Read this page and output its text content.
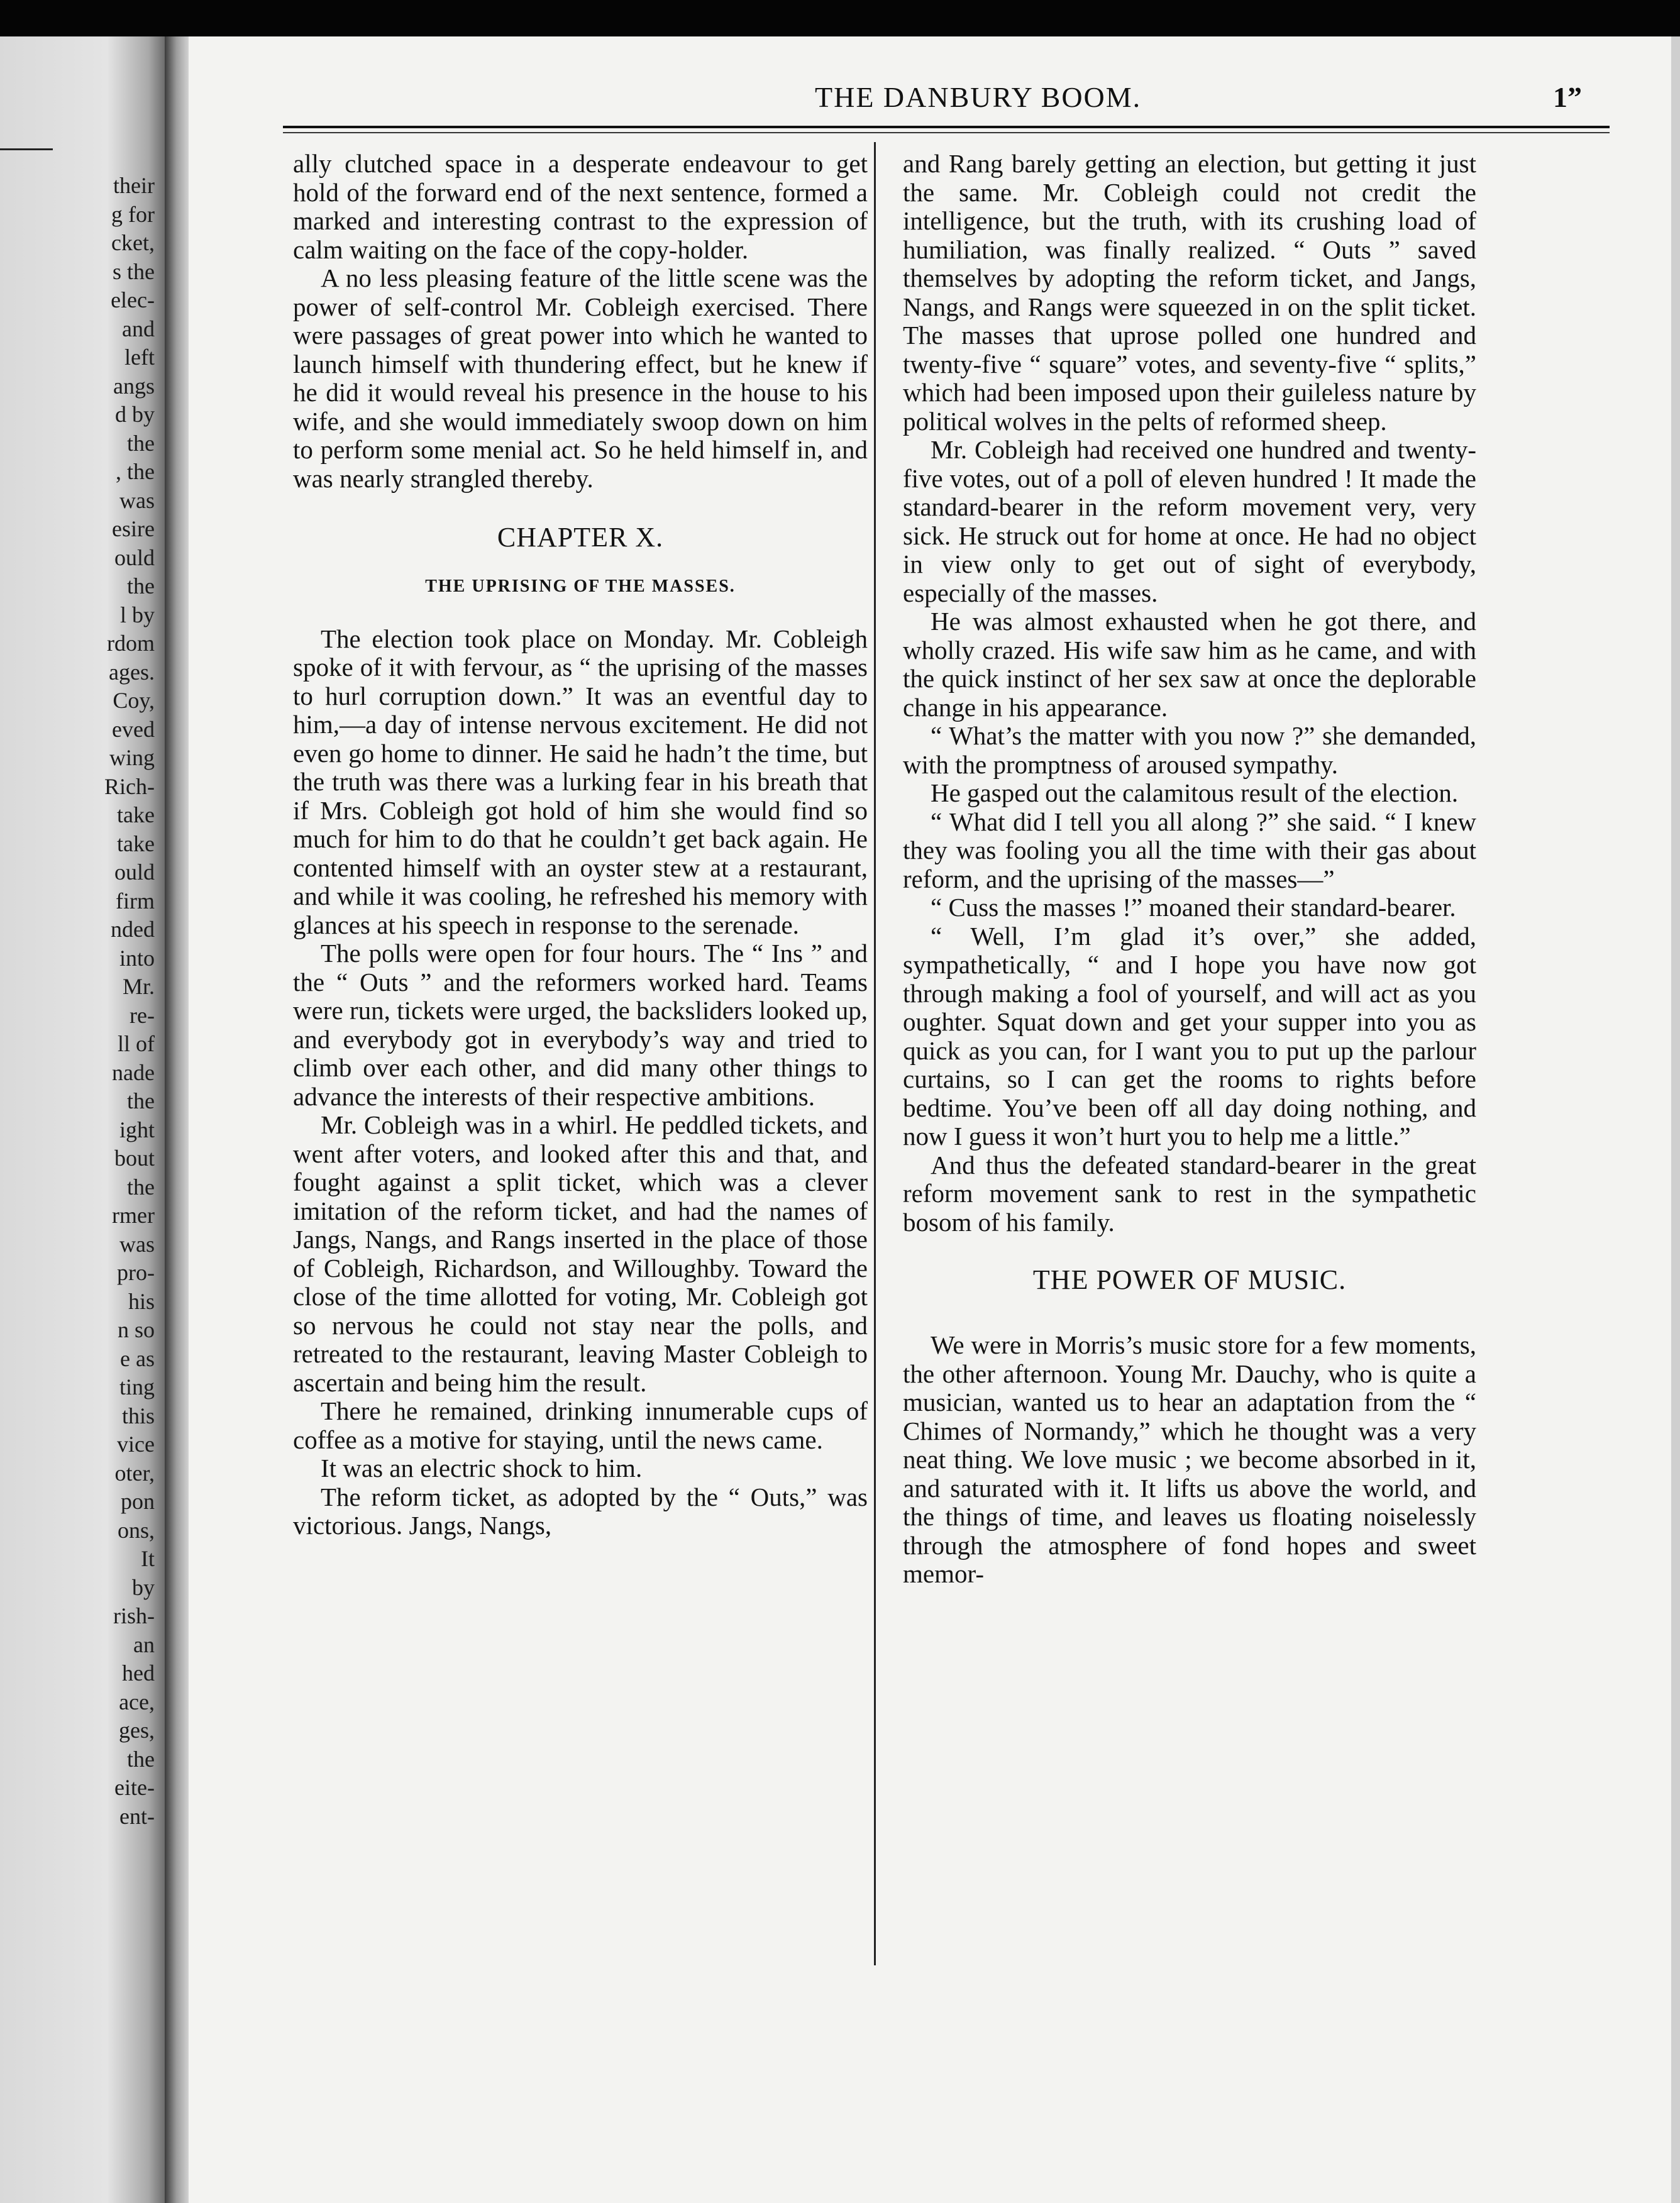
their
g for
cket,
s the
elec-
and
left
angs
d by
the
, the
was
esire
ould
the
l by
rdom
ages.
Coy,
eved
wing
Rich-
take
take
ould
firm
nded
into
Mr.
re-
ll of
nade
the
ight
bout
the
rmer
was
pro-
his
n so
e as
ting
this
vice
oter,
pon
ons,
It
by
rish-
an
hed
ace,
ges,
the
eite-
ent-
THE DANBURY BOOM.	1ˮ

ally clutched space in a desperate endeavour to get hold of the forward end of the next sentence, formed a marked and interesting contrast to the expression of calm waiting on the face of the copy-holder.

A no less pleasing feature of the little scene was the power of self-control Mr. Cobleigh exercised. There were passages of great power into which he wanted to launch himself with thundering effect, but he knew if he did it would reveal his presence in the house to his wife, and she would immediately swoop down on him to perform some menial act. So he held himself in, and was nearly strangled thereby.

CHAPTER X.
THE UPRISING OF THE MASSES.

The election took place on Monday. Mr. Cobleigh spoke of it with fervour, as “ the uprising of the masses to hurl corruption down.” It was an eventful day to him,—a day of intense nervous excitement. He did not even go home to dinner. He said he hadn’t the time, but the truth was there was a lurking fear in his breath that if Mrs. Cobleigh got hold of him she would find so much for him to do that he couldn’t get back again. He contented himself with an oyster stew at a restaurant, and while it was cooling, he refreshed his memory with glances at his speech in response to the serenade.

The polls were open for four hours. The “ Ins ” and the “ Outs ” and the reformers worked hard. Teams were run, tickets were urged, the backsliders looked up, and everybody got in everybody’s way and tried to climb over each other, and did many other things to advance the interests of their respective ambitions.

Mr. Cobleigh was in a whirl. He peddled tickets, and went after voters, and looked after this and that, and fought against a split ticket, which was a clever imitation of the reform ticket, and had the names of Jangs, Nangs, and Rangs inserted in the place of those of Cobleigh, Richardson, and Willoughby. Toward the close of the time allotted for voting, Mr. Cobleigh got so nervous he could not stay near the polls, and retreated to the restaurant, leaving Master Cobleigh to ascertain and being him the result.

There he remained, drinking innumerable cups of coffee as a motive for staying, until the news came.

It was an electric shock to him.

The reform ticket, as adopted by the “ Outs,” was victorious. Jangs, Nangs,

and Rang barely getting an election, but getting it just the same. Mr. Cobleigh could not credit the intelligence, but the truth, with its crushing load of humiliation, was finally realized. “ Outs ” saved themselves by adopting the reform ticket, and Jangs, Nangs, and Rangs were squeezed in on the split ticket. The masses that uprose polled one hundred and twenty-five “ square” votes, and seventy-five “ splits,” which had been imposed upon their guileless nature by political wolves in the pelts of reformed sheep.

Mr. Cobleigh had received one hundred and twenty-five votes, out of a poll of eleven hundred ! It made the standard-bearer in the reform movement very, very sick. He struck out for home at once. He had no object in view only to get out of sight of everybody, especially of the masses.

He was almost exhausted when he got there, and wholly crazed. His wife saw him as he came, and with the quick instinct of her sex saw at once the deplorable change in his appearance.

“ What’s the matter with you now ?” she demanded, with the promptness of aroused sympathy.

He gasped out the calamitous result of the election.

“ What did I tell you all along ?” she said. “ I knew they was fooling you all the time with their gas about reform, and the uprising of the masses—”

“ Cuss the masses !” moaned their standard-bearer.

“ Well, I’m glad it’s over,” she added, sympathetically, “ and I hope you have now got through making a fool of yourself, and will act as you oughter. Squat down and get your supper into you as quick as you can, for I want you to put up the parlour curtains, so I can get the rooms to rights before bedtime. You’ve been off all day doing nothing, and now I guess it won’t hurt you to help me a little.”

And thus the defeated standard-bearer in the great reform movement sank to rest in the sympathetic bosom of his family.

THE POWER OF MUSIC.

We were in Morris’s music store for a few moments, the other afternoon. Young Mr. Dauchy, who is quite a musician, wanted us to hear an adaptation from the “ Chimes of Normandy,” which he thought was a very neat thing. We love music ; we become absorbed in it, and saturated with it. It lifts us above the world, and the things of time, and leaves us floating noiselessly through the atmosphere of fond hopes and sweet memor-
